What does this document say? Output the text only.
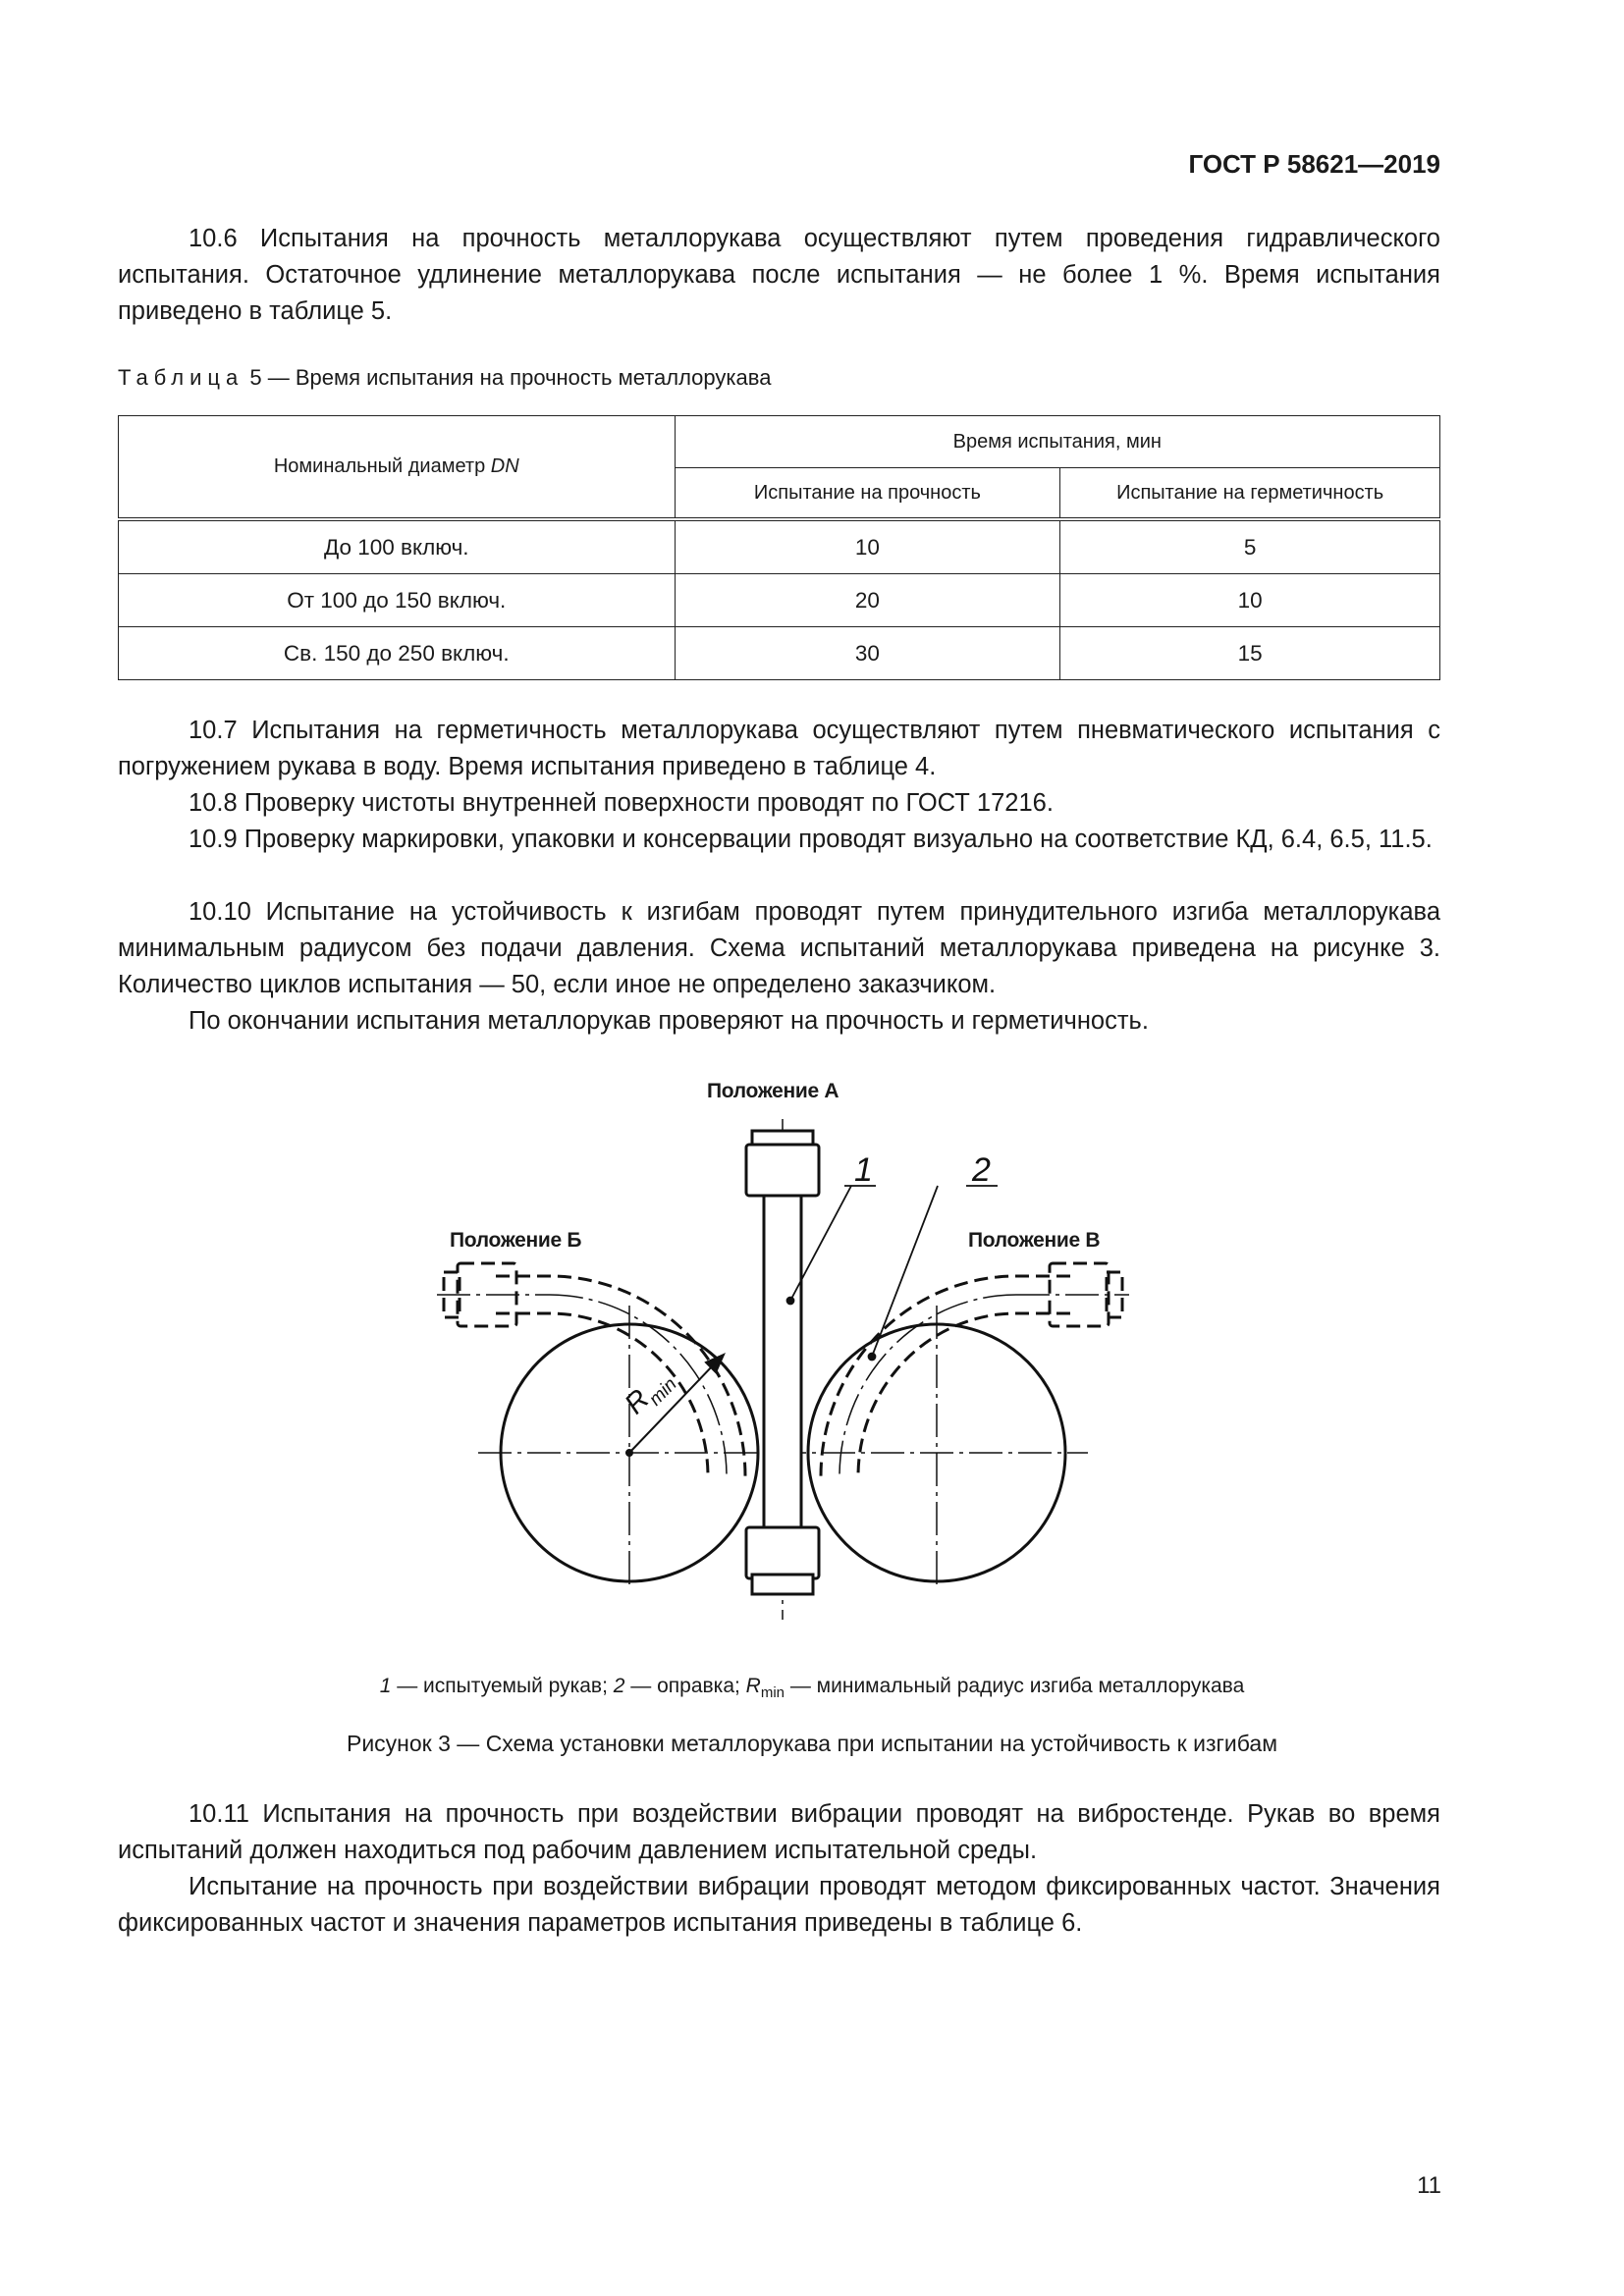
ГОСТ Р 58621—2019

10.6 Испытания на прочность металлорукава осуществляют путем проведения гидравлического испытания. Остаточное удлинение металлорукава после испытания — не более 1 %. Время испытания приведено в таблице 5.

Таблица 5 — Время испытания на прочность металлорукава
Номинальный диаметр DN	Время испытания, мин	
	Испытание на прочность	Испытание на герметичность
До 100 включ.	10	5
От 100 до 150 включ.	20	10
Св. 150 до 250 включ.	30	15

10.7 Испытания на герметичность металлорукава осуществляют путем пневматического испытания с погружением рукава в воду. Время испытания приведено в таблице 4.

10.8 Проверку чистоты внутренней поверхности проводят по ГОСТ 17216.

10.9 Проверку маркировки, упаковки и консервации проводят визуально на соответствие КД, 6.4, 6.5, 11.5.

10.10 Испытание на устойчивость к изгибам проводят путем принудительного изгиба металлорукава минимальным радиусом без подачи давления. Схема испытаний металлорукава приведена на рисунке 3. Количество циклов испытания — 50, если иное не определено заказчиком.

По окончании испытания металлорукав проверяют на прочность и герметичность.

$R_{min}$
1	2
Положение А
Положение Б	Положение В
1 — испытуемый рукав; 2 — оправка; $R_{min}$ — минимальный радиус изгиба металлорукава
Рисунок 3 — Схема установки металлорукава при испытании на устойчивость к изгибам

10.11 Испытания на прочность при воздействии вибрации проводят на вибростенде. Рукав во время испытаний должен находиться под рабочим давлением испытательной среды.

Испытание на прочность при воздействии вибрации проводят методом фиксированных частот. Значения фиксированных частот и значения параметров испытания приведены в таблице 6.

11
